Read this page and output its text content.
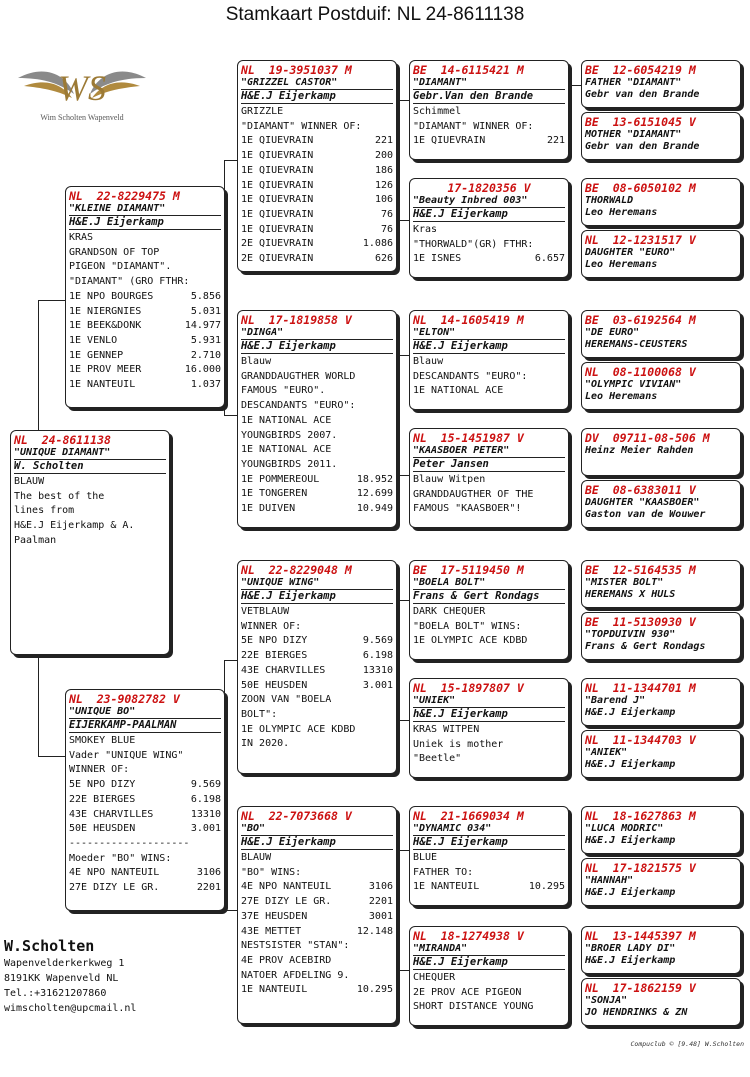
Stamkaart Postduif: NL 24-8611138
WS
Wim Scholten Wapenveld
NL  24-8611138
"UNIQUE DIAMANT"
W. Scholten
BLAUW
The best of the
lines from
H&E.J Eijerkamp & A.
Paalman
NL  22-8229475 M
"KLEINE DIAMANT"
H&E.J Eijerkamp
KRAS
GRANDSON OF TOP
PIGEON "DIAMANT".
"DIAMANT" (GRO FTHR:
1E NPO BOURGES	5.856
1E NIERGNIES	5.031
1E BEEK&DONK	14.977
1E VENLO	5.931
1E GENNEP	2.710
1E PROV MEER	16.000
1E NANTEUIL	1.037
NL  23-9082782 V
"UNIQUE BO"
EIJERKAMP-PAALMAN
SMOKEY BLUE
Vader "UNIQUE WING"
WINNER OF:
5E NPO DIZY	9.569
22E BIERGES	6.198
43E CHARVILLES	13310
50E HEUSDEN	3.001
--------------------
Moeder "BO" WINS:
4E NPO NANTEUIL	3106
27E DIZY LE GR.	2201
NL  19-3951037 M
"GRIZZEL CASTOR"
H&E.J Eijerkamp
GRIZZLE
"DIAMANT" WINNER OF:
1E QIUEVRAIN	221
1E QIUEVRAIN	200
1E QIUEVRAIN	186
1E QIUEVRAIN	126
1E QIUEVRAIN	106
1E QIUEVRAIN	76
1E QIUEVRAIN	76
2E QIUEVRAIN	1.086
2E QIUEVRAIN	626
NL  17-1819858 V
"DINGA"
H&E.J Eijerkamp
Blauw
GRANDDAUGTHER WORLD
FAMOUS "EURO".
DESCANDANTS "EURO":
1E NATIONAL ACE
YOUNGBIRDS 2007.
1E NATIONAL ACE
YOUNGBIRDS 2011.
1E POMMEREOUL	18.952
1E TONGEREN	12.699
1E DUIVEN	10.949
NL  22-8229048 M
"UNIQUE WING"
H&E.J Eijerkamp
VETBLAUW
WINNER OF:
5E NPO DIZY	9.569
22E BIERGES	6.198
43E CHARVILLES	13310
50E HEUSDEN	3.001
ZOON VAN "BOELA
BOLT":
1E OLYMPIC ACE KDBD
IN 2020.
NL  22-7073668 V
"BO"
H&E.J Eijerkamp
BLAUW
"BO" WINS:
4E NPO NANTEUIL	3106
27E DIZY LE GR.	2201
37E HEUSDEN	3001
43E METTET	12.148
NESTSISTER "STAN":
4E PROV ACEBIRD
NATOER AFDELING 9.
1E NANTEUIL	10.295
BE  14-6115421 M
"DIAMANT"
Gebr.Van den Brande
Schimmel
"DIAMANT" WINNER OF:
1E QIUEVRAIN	221
17-1820356 V
"Beauty Inbred 003"
H&E.J Eijerkamp
Kras
"THORWALD"(GR) FTHR:
1E ISNES	6.657
NL  14-1605419 M
"ELTON"
H&E.J Eijerkamp
Blauw
DESCANDANTS "EURO":
1E NATIONAL ACE
NL  15-1451987 V
"KAASBOER PETER"
Peter Jansen
Blauw Witpen
GRANDDAUGTHER OF THE
FAMOUS "KAASBOER"!
BE  17-5119450 M
"BOELA BOLT"
Frans & Gert Rondags
DARK CHEQUER
"BOELA BOLT" WINS:
1E OLYMPIC ACE KDBD
NL  15-1897807 V
"UNIEK"
h&E.J Eijerkamp
KRAS WITPEN
Uniek is mother
"Beetle"
NL  21-1669034 M
"DYNAMIC 034"
H&E.J Eijerkamp
BLUE
FATHER TO:
1E NANTEUIL	10.295
NL  18-1274938 V
"MIRANDA"
H&E.J Eijerkamp
CHEQUER
2E PROV ACE PIGEON
SHORT DISTANCE YOUNG
BE  12-6054219 M
FATHER "DIAMANT"
Gebr van den Brande
BE  13-6151045 V
MOTHER "DIAMANT"
Gebr van den Brande
BE  08-6050102 M
THORWALD
Leo Heremans
NL  12-1231517 V
DAUGHTER "EURO"
Leo Heremans
BE  03-6192564 M
"DE EURO"
HEREMANS-CEUSTERS
NL  08-1100068 V
"OLYMPIC VIVIAN"
Leo Heremans
DV  09711-08-506 M
Heinz Meier Rahden
BE  08-6383011 V
DAUGHTER "KAASBOER"
Gaston van de Wouwer
BE  12-5164535 M
"MISTER BOLT"
HEREMANS X HULS
BE  11-5130930 V
"TOPDUIVIN 930"
Frans & Gert Rondags
NL  11-1344701 M
"Barend J"
H&E.J Eijerkamp
NL  11-1344703 V
"ANIEK"
H&E.J Eijerkamp
NL  18-1627863 M
"LUCA MODRIC"
H&E.J Eijerkamp
NL  17-1821575 V
"HANNAH"
H&E.J Eijerkamp
NL  13-1445397 M
"BROER LADY DI"
H&E.J Eijerkamp
NL  17-1862159 V
"SONJA"
JO HENDRINKS & ZN
W.Scholten
Wapenvelderkerkweg 1
8191KK Wapenveld NL
Tel.:+31621207860
wimscholten@upcmail.nl
Compuclub © [9.48] W.Scholten
